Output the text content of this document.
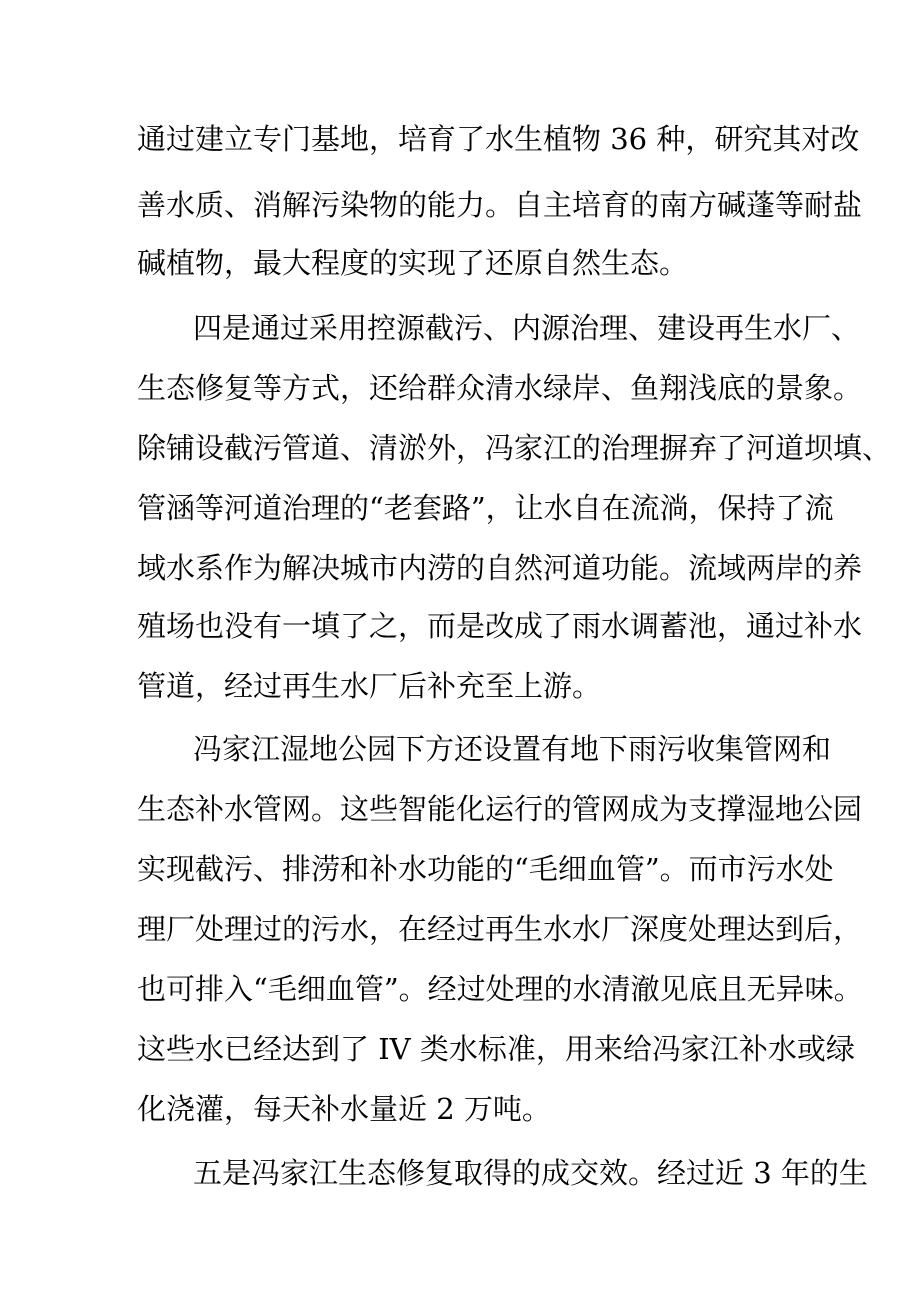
通过建立专门基地，培育了水生植物 36 种，研究其对改

善水质、消解污染物的能力。自主培育的南方碱蓬等耐盐

碱植物，最大程度的实现了还原自然生态。

四是通过采用控源截污、内源治理、建设再生水厂、

生态修复等方式，还给群众清水绿岸、鱼翔浅底的景象。

除铺设截污管道、清淤外，冯家江的治理摒弃了河道坝填、

管涵等河道治理的“老套路”，让水自在流淌，保持了流

域水系作为解决城市内涝的自然河道功能。流域两岸的养

殖场也没有一填了之，而是改成了雨水调蓄池，通过补水

管道，经过再生水厂后补充至上游。

冯家江湿地公园下方还设置有地下雨污收集管网和

生态补水管网。这些智能化运行的管网成为支撑湿地公园

实现截污、排涝和补水功能的“毛细血管”。而市污水处

理厂处理过的污水，在经过再生水水厂深度处理达到后，

也可排入“毛细血管”。经过处理的水清澈见底且无异味。

这些水已经达到了 IV 类水标准，用来给冯家江补水或绿

化浇灌，每天补水量近 2 万吨。

五是冯家江生态修复取得的成交效。经过近 3 年的生
